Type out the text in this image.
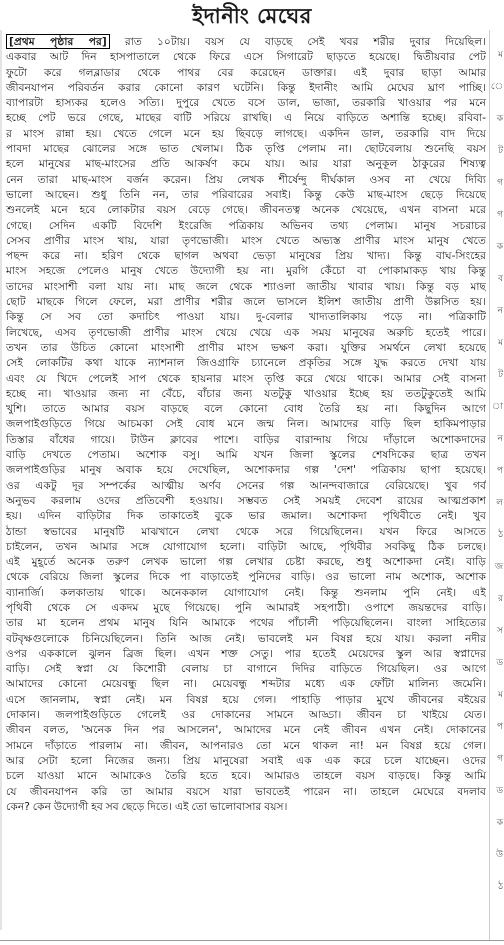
ইদানীং মেঘের
[প্রথম পৃষ্ঠার পর] রাত ১০টায়। বয়স যে বাড়ছে সেই খবর শরীর দুবার দিয়েছিল।
একবার আট দিন হাসপাতালে থেকে ফিরে এসে সিগারেট ছাড়তে হয়েছে। দ্বিতীয়বার পেট
ফুটো করে গলব্লাডার থেকে পাথর বের করেছেন ডাক্তার। এই দুবার ছাড়া আমার
জীবনযাপন পরিবর্তন করার কোনো কারণ ঘটেনি। কিন্তু ইদানীং আমি মেঘের ঘ্রাণ পাচ্ছি।
ব্যাপারটা হাস্যকর হলেও সত্যি। দুপুরে খেতে বসে ডাল, ভাজা, তরকারি খাওয়ার পর মনে
হচ্ছে পেট ভরে গেছে, মাছের বাটি সরিয়ে রাখছি। এ নিয়ে বাড়িতে অশান্তি হচ্ছে। রবিবা-
র মাংস রান্না হয়। খেতে গেলে মনে হয় ছিবড়ে লাগছে। একদিন ডাল, তরকারি বাদ দিয়ে
পাবদা মাছের ঝোলের সঙ্গে ভাত খেলাম। ঠিক তৃপ্তি পেলাম না। ছোটবেলায় শুনেছি বয়স
হলে মানুষের মাছ-মাংসের প্রতি আকর্ষণ কমে যায়। আর যারা অনুকূল ঠাকুরের শিষ্যত্ব
নেন তারা মাছ-মাংস বর্জন করেন। প্রিয় লেখক শীর্ষেন্দু দীর্ঘকাল ওসব না খেয়ে দিব্যি
ভালো আছেন। শুধু তিনি নন, তার পরিবারের সবাই। কিন্তু কেউ মাছ-মাংস ছেড়ে দিয়েছে
শুনলেই মনে হবে লোকটার বয়স বেড়ে গেছে। জীবনতত্ব অনেক খেয়েছে, এখন বাসনা মরে
গেছে। সেদিন একটি বিদেশি ইংরেজি পত্রিকায় অভিনব তথ্য পেলাম। মানুষ সচরাচর
সেসব প্রাণীর মাংস খায়, যারা তৃণভোজী। মাংস খেতে অভ্যস্ত প্রাণীর মাংস মানুষ খেতে
পছন্দ করে না। হরিণ থেকে ছাগল অথবা ভেড়া মানুষের প্রিয় খাদ্য। কিন্তু বাঘ-সিংহের
মাংস সহজে পেলেও মানুষ খেতে উদ্যোগী হয় না। মুরগি কেঁচো বা পোকামাকড় খায় কিন্তু
তাদের মাংসাশী বলা যায় না। মাছ জলে থেকে শ্যাওলা জাতীয় খাবার খায়। কিন্তু বড় মাছ
ছোট মাছকে গিলে ফেলে, মরা প্রাণীর শরীর জলে ভাসলে ইলিশ জাতীয় প্রাণী উল্লসিত হয়।
কিন্তু সে সব তো কদাচিৎ পাওয়া যায়। দু-বেলার খাদ্যতালিকায় পড়ে না। পত্রিকাটি
লিখেছে, এসব তৃণভোজী প্রাণীর মাংস খেয়ে খেয়ে এক সময় মানুষের অরুচি হতেই পারে।
তখন তার উচিত কোনো মাংসাশী প্রাণীর মাংস ভক্ষণ করা। যুক্তির সমর্থনে লেখা হয়েছে
সেই লোকটির কথা যাকে ন্যাশনাল জিওগ্রাফি চ্যানেলে প্রকৃতির সঙ্গে যুদ্ধ করতে দেখা যায়
এবং যে খিদে পেলেই সাপ থেকে হায়নার মাংস তৃপ্তি করে খেয়ে থাকে। আমার সেই বাসনা
হচ্ছে না। খাওয়ার জন্য না বেঁচে, বাঁচার জন্য যতটুকু খাওয়ার ইচ্ছে হয় ততটুকুতেই আমি
খুশি। তাতে আমার বয়স বাড়ছে বলে কোনো বোধ তৈরি হয় না। কিছুদিন আগে
জলপাইগুড়িতে গিয়ে আচমকা সেই বোধ মনে জন্ম নিল। আমাদের বাড়ি ছিল হাকিমপাড়ার
তিস্তার বাঁধের গায়ে। টাউন ক্লাবের পাশে। বাড়ির বারান্দায় গিয়ে দাঁড়ালে অশোকদাদের
বাড়ি দেখতে পেতাম। অশোক বসু। আমি যখন জিলা স্কুলের শেষদিকের ছাত্র তখন
জলপাইগুড়ির মানুষ অবাক হয়ে দেখেছিল, অশোকদার গল্প 'দেশ' পত্রিকায় ছাপা হয়েছে।
ওর একটু দূর সম্পর্কের আত্মীয় অর্ণব সেনের গল্প আনন্দবাজারে বেরিয়েছে। খুব গর্ব
অনুভব করলাম ওদের প্রতিবেশী হওয়ায়। সম্ভবত সেই সময়ই দেবেশ রায়ের আত্মপ্রকাশ
হয়। এদিন বাড়িটার দিক তাকাতেই বুকে ভার জমাল। অশোকদা পৃথিবীতে নেই। খুব
ঠান্ডা স্বভাবের মানুষটি মাঝখানে লেখা থেকে সরে গিয়েছিলেন। যখন ফিরে আসতে
চাইলেন, তখন আমার সঙ্গে যোগাযোগ হলো। বাড়িটা আছে, পৃথিবীর সবকিছু ঠিক চলছে।
এই মুহূর্তে অনেক তরুণ লেখক ভালো গল্প লেখার চেষ্টা করছে, শুধু অশোকদা নেই। বাড়ি
থেকে বেরিয়ে জিলা স্কুলের দিকে পা বাড়াতেই পুনিদের বাড়ি। ওর ভালো নাম অশোক, অশোক
ব্যানার্জি। কলকাতায় থাকে। অনেককাল যোগাযোগ নেই। কিন্তু শুনলাম পুনি নেই। এই
পৃথিবী থেকে সে একদম মুছে গিয়েছে। পুনি আমারই সহপাঠী। ওপাশে জয়ন্তদের বাড়ি।
তার মা হলেন প্রথম মানুষ যিনি আমাকে পথের পাঁচালী পড়িয়েছিলেন। বাংলা সাহিত্যের
বটবৃক্ষগুলোকে চিনিয়েছিলেন। তিনি আজ নেই। ভাবলেই মন বিষণ্ণ হয়ে যায়। করলা নদীর
ওপর এককালে ঝুলন ব্রিজ ছিল। এখন শক্ত সেতু। পার হতেই মেয়েদের স্কুল আর স্বপ্নাদের
বাড়ি। সেই স্বপ্না যে কিশোরী বেলায় চা বাগানে দিদির বাড়িতে গিয়েছিল। ওর আগে
আমাদের কোনো মেয়েবন্ধু ছিল না। মেয়েবন্ধু শব্দটার মধ্যে এক ফোঁটা মালিন্য জমেনি।
এসে জানলাম, স্বপ্না নেই। মন বিষণ্ণ হয়ে গেল। পাহাড়ি পাড়ার মুখে জীবনের বইয়ের
দোকান। জলপাইগুড়িতে গেলেই ওর দোকানের সামনে আড্ডা। জীবন চা খাইয়ে যেত।
জীবন বলত, 'অনেক দিন পর আসলেন', আমাদের মনে নেই জীবন এখন নেই। দোকানের
সামনে দাঁড়াতে পারলাম না। জীবন, আপনারও তো মনে থাকল না! মন বিষণ্ণ হয়ে গেল।
আর সেটা হলো নিজের জন্য। প্রিয় মানুষেরা সবাই এক এক করে চলে যাচ্ছেন। ওদের
চলে যাওয়া মানে আমাকেও তৈরি হতে হবে। আমারও তাহলে বয়স বাড়ছে। কিন্তু আমি
যে জীবনযাপন করি তা আমার বয়সে যারা ভাবতেই পারেন না। তাহলে মেঘেরে বদলাব
কেন? কেন উদ্যোগী হব সব ছেড়ে দিতে। এই তো ভালোবাসার বয়স।
ম
ে
ক
ট
গ
গ
ক
ব
ন
ম
ট
া
ন
প
ল
ঠ
জ
র
স
ড
ম
প
গ
ড
ক
উ
ঠ
